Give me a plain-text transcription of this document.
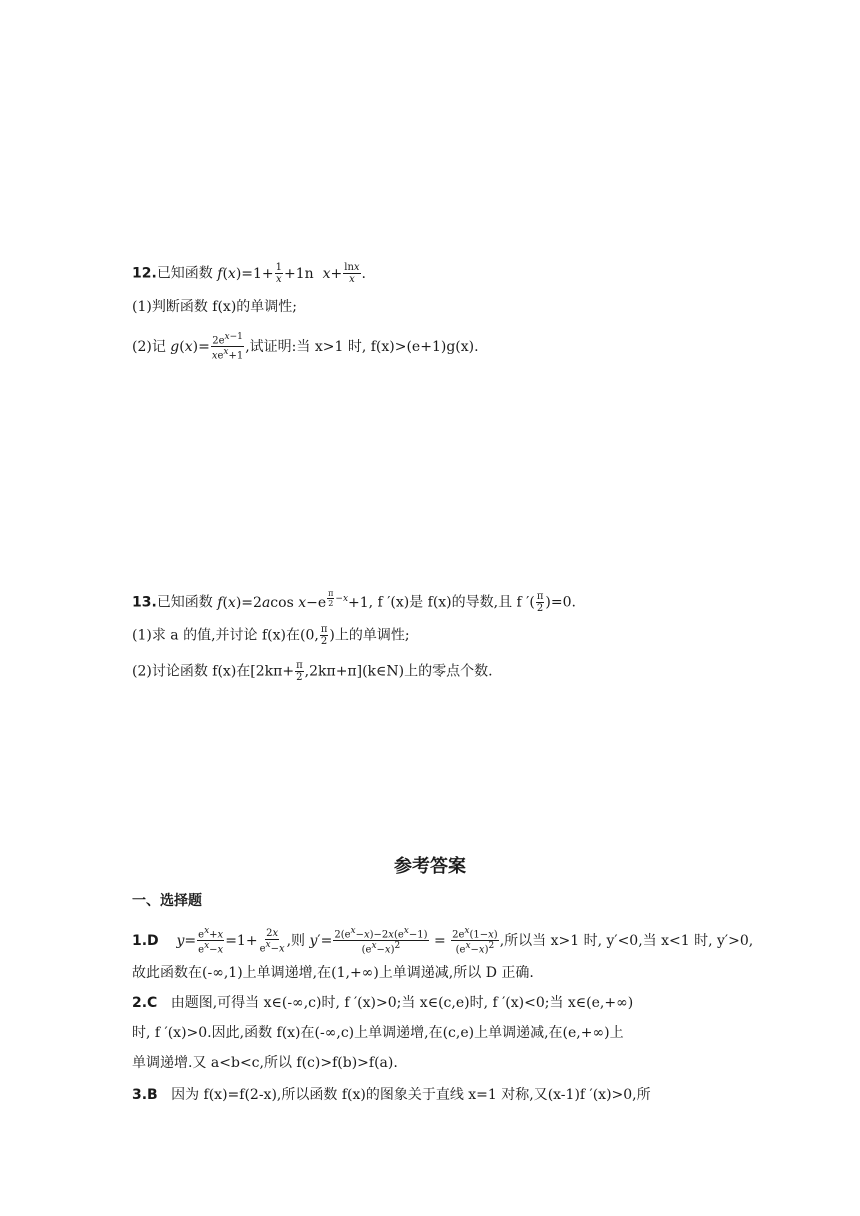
12.已知函数 $f(x)=1+ \frac{1}{x} +1n$  $x+ \frac{\ln x}{x}$ .
(1)判断函数 f(x)的单调性;
(2)记 $g(x)= \frac{2e^{x-1}}{xe^x+1}$ ,试证明:当 x>1 时, f(x)>(e+1)g(x).
13.已知函数 f(x)=2acos x−e $^{\frac{\pi}{2} -x}$+1, f ′(x)是 f(x)的导数,且 f ′( $\frac{\pi}{2} )=0$.
(1)求 a 的值,并讨论 f(x)在(0, $\frac{\pi}{2}$ )上的单调性;
(2)讨论函数 f(x)在[$2k\pi+ \frac{\pi}{2}$ ,2kπ+π](k∈N)上的零点个数.
参考答案
一、选择题
1.D $y= \frac{e^x+x}{e^x-x} =1+ \frac{2x}{e^x-x}$ ,则 $y'= \frac{2(e^x-x)-2x(e^x-1)}{(e^x-x)^2} = \frac{2e^x(1-x)}{(e^x-x)^2}$ ,所以当 x>1 时, y′<0,当 x<1 时, y′>0,
故此函数在(-∞,1)上单调递增,在(1,+∞)上单调递减,所以 D 正确.
2.C 由题图,可得当 x∈(-∞,c)时, f ′(x)>0;当 x∈(c,e)时, f ′(x)<0;当 x∈(e,+∞)
时, f ′(x)>0.因此,函数 f(x)在(-∞,c)上单调递增,在(c,e)上单调递减,在(e,+∞)上
单调递增.又 a<b<c,所以 f(c)>f(b)>f(a).
3.B 因为 f(x)=f(2-x),所以函数 f(x)的图象关于直线 x=1 对称,又(x-1)f ′(x)>0,所
